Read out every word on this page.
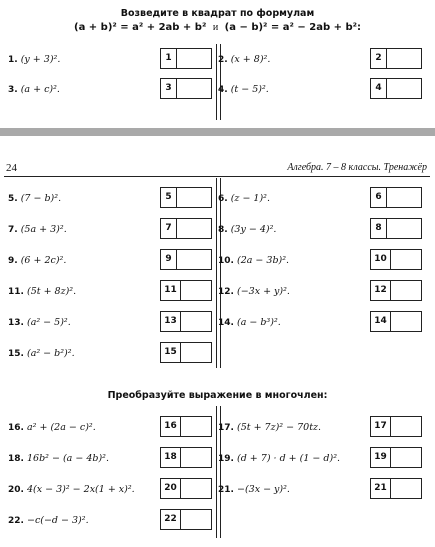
Возведите в квадрат по формулам
(a + b)² = a² + 2ab + b² и (a − b)² = a² − 2ab + b²:
1. (y + 3)².	1	2. (x + 8)².	2
3. (a + c)².	3	4. (t − 5)².	4
24	Алгебра. 7 – 8 классы. Тренажёр
5. (7 − b)².	5	6. (z − 1)².	6
7. (5a + 3)².	7	8. (3y − 4)².	8
9. (6 + 2c)².	9	10. (2a − 3b)².	10
11. (5t + 8z)².	11	12. (−3x + y)².	12
13. (a² − 5)².	13	14. (a − b³)².	14
15. (a² − b²)².	15
Преобразуйте выражение в многочлен:
16. a² + (2a − c)².	16	17. (5t + 7z)² − 70tz.	17
18. 16b² − (a − 4b)².	18	19. (d + 7) · d + (1 − d)².	19
20. 4(x − 3)² − 2x(1 + x)².	20	21. −(3x − y)².	21
22. −c(−d − 3)².	22
